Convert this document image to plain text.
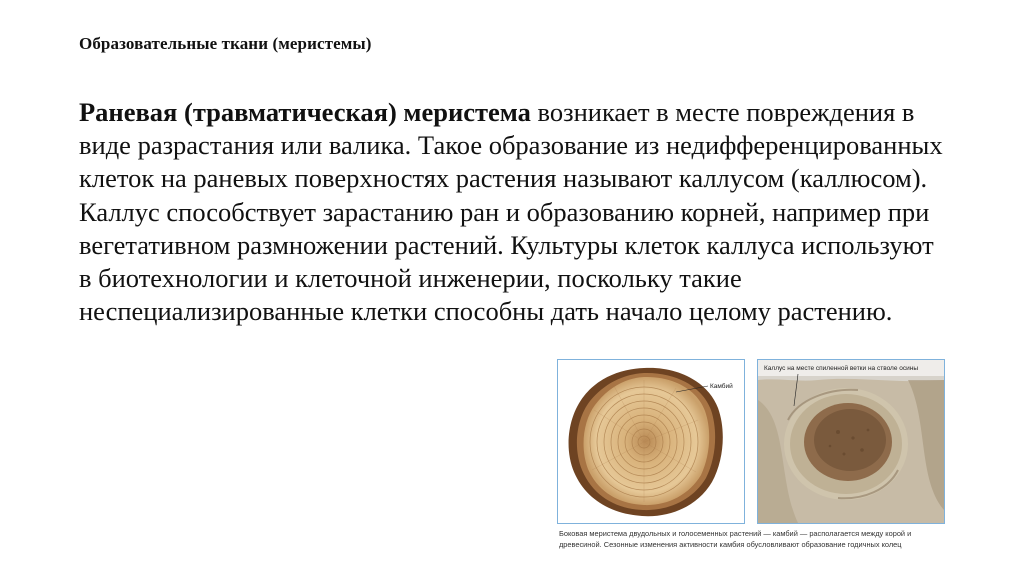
Образовательные ткани (меристемы)
Раневая (травматическая) меристема возникает в месте повреждения в виде разрастания или валика. Такое образование из недифференцированных клеток на раневых поверхностях растения называют каллусом (каллюсом). Каллус способствует зарастанию ран и образованию корней, например при вегетативном размножении растений. Культуры клеток каллуса используют в биотехнологии и клеточной инженерии, поскольку такие неспециализированные клетки способны дать начало целому растению.
Камбий
Каллус на месте спиленной ветки на стволе осины
Боковая меристема двудольных и голосеменных растений — камбий — располагается между корой и древесиной. Сезонные изменения активности камбия обусловливают образование годичных колец
